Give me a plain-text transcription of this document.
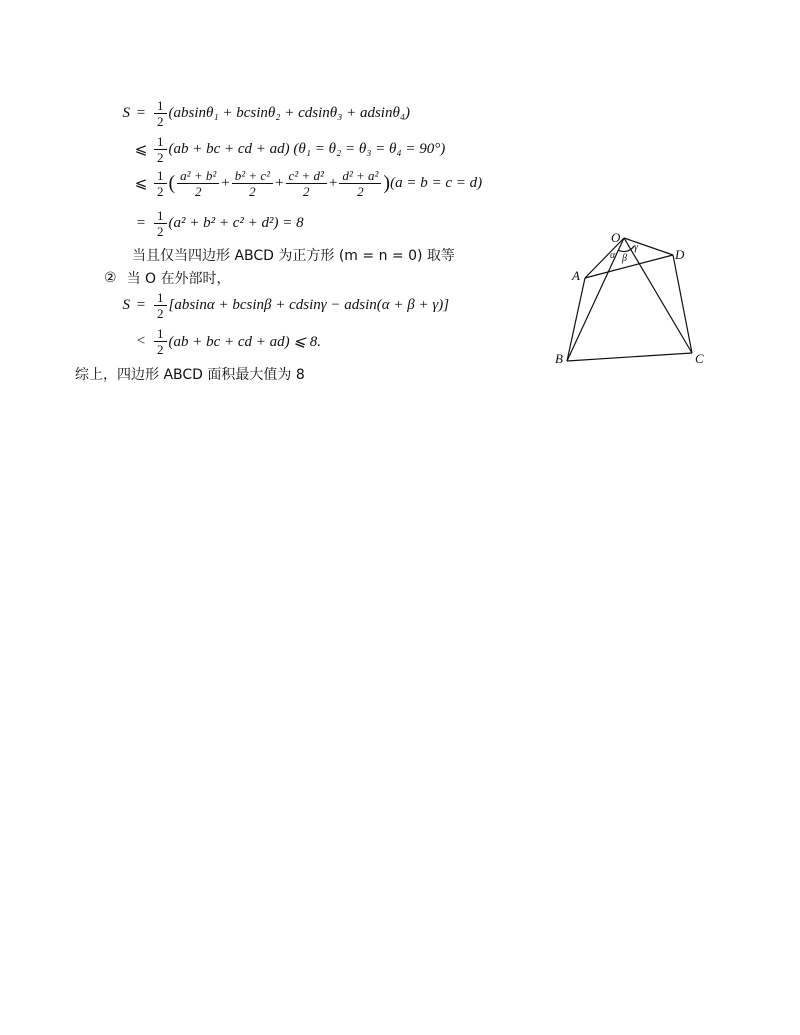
$S = \frac{1}{2} (absin\theta_1 + bcsin\theta_2 + cdsin\theta_3 + adsin\theta_4)$
⩽ $\frac{1}{2} (ab$ + bc + cd + ad) (θ₁ = θ₂ = θ₃ = θ₄ = 90°)
⩽ $\frac{1}{2}$ ( $\frac{\text{a² + b²}}{2} + \frac{\text{b² + c²}}{2} + \frac{\text{c² + d²}}{2} + \frac{\text{d² + a²}}{2}$ ) (a = b = c = d)
= $\frac{1}{2} (a^2 + b^2 + c^2 + d^2) = 8$
当且仅当四边形 ABCD 为正方形 (m = n = 0) 取等
② 当 O 在外部时，
$S = \frac{1}{2} [absin\alpha + bcsin\beta + cdsin\gamma - adsin(\alpha + \beta + \gamma)]$
< $\frac{1}{2} (ab$ + bc + cd + ad) ⩽ 8.
综上，四边形 ABCD 面积最大值为 8
O
A
B	C
D
α β
γ
